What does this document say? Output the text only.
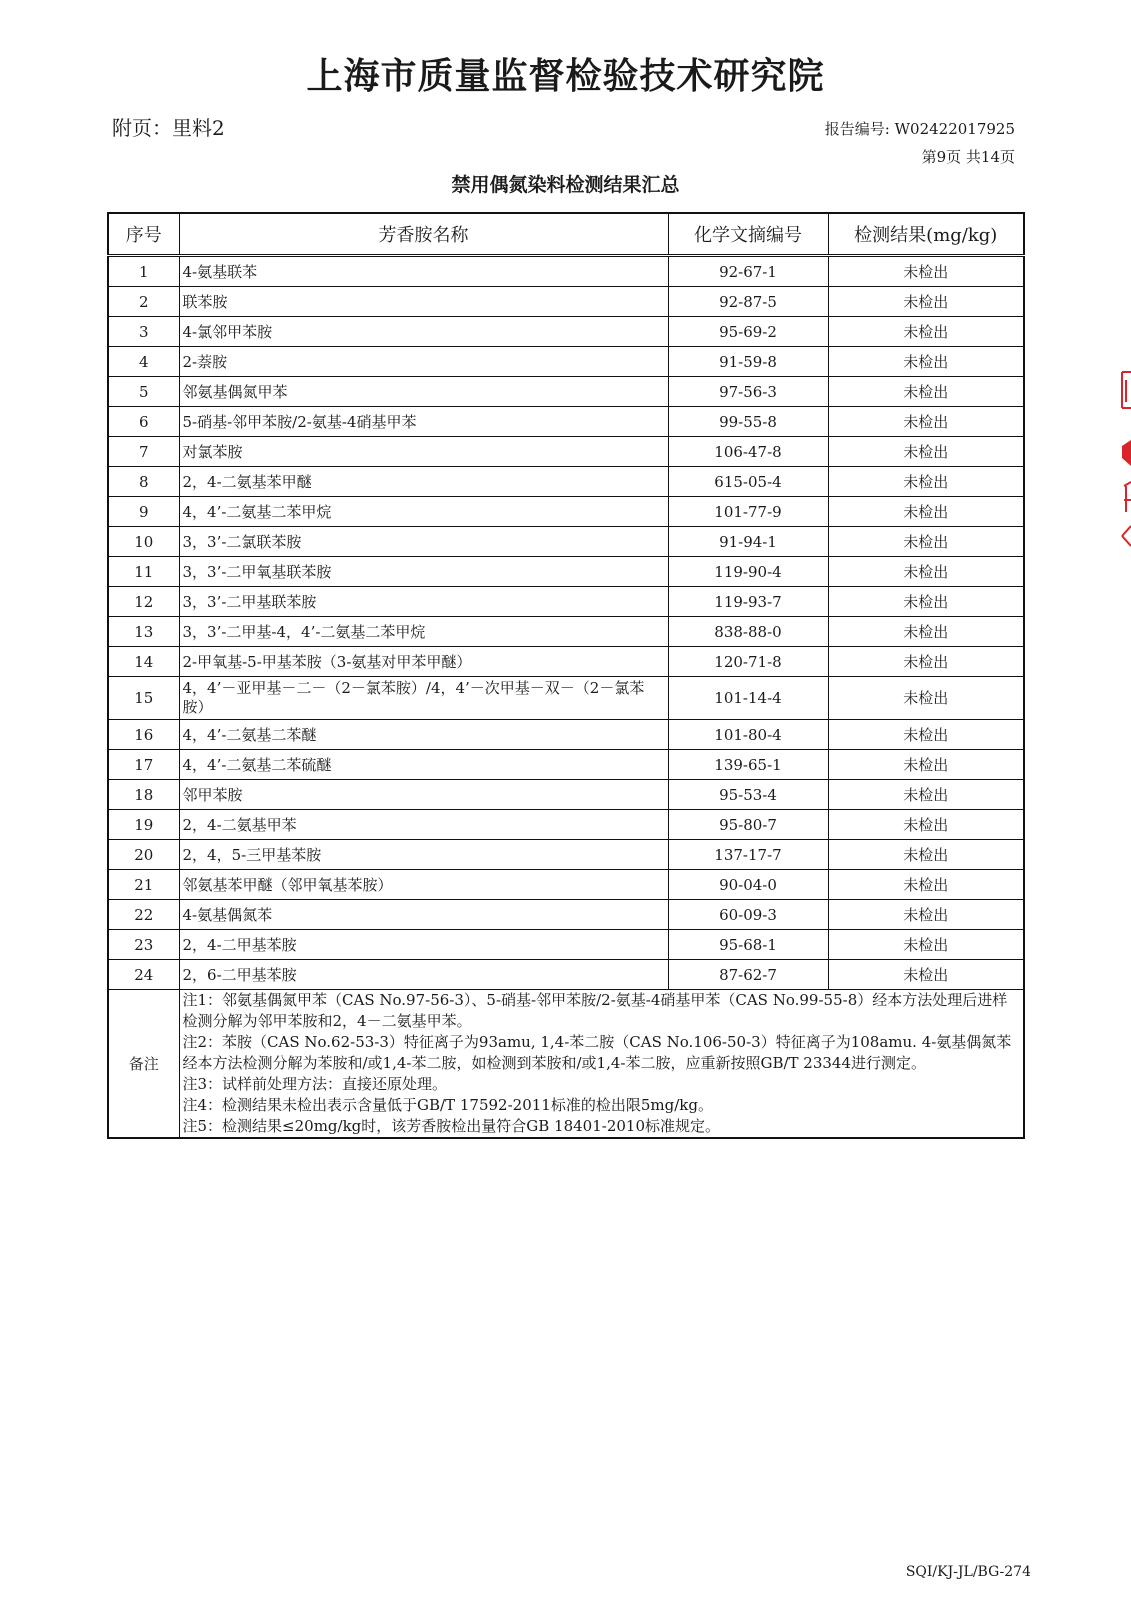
上海市质量监督检验技术研究院
附页：里料2	报告编号: W02422017925
第9页 共14页
禁用偶氮染料检测结果汇总
序号	芳香胺名称	化学文摘编号	检测结果(mg/kg)
1	4-氨基联苯	92-67-1	未检出
2	联苯胺	92-87-5	未检出
3	4-氯邻甲苯胺	95-69-2	未检出
4	2-萘胺	91-59-8	未检出
5	邻氨基偶氮甲苯	97-56-3	未检出
6	5-硝基-邻甲苯胺/2-氨基-4硝基甲苯	99-55-8	未检出
7	对氯苯胺	106-47-8	未检出
8	2，4-二氨基苯甲醚	615-05-4	未检出
9	4，4’-二氨基二苯甲烷	101-77-9	未检出
10	3，3’-二氯联苯胺	91-94-1	未检出
11	3，3’-二甲氧基联苯胺	119-90-4	未检出
12	3，3’-二甲基联苯胺	119-93-7	未检出
13	3，3’-二甲基-4，4’-二氨基二苯甲烷	838-88-0	未检出
14	2-甲氧基-5-甲基苯胺（3-氨基对甲苯甲醚）	120-71-8	未检出
15	4，4’－亚甲基－二－（2－氯苯胺）/4，4’－次甲基－双－（2－氯苯胺）	101-14-4	未检出
16	4，4’-二氨基二苯醚	101-80-4	未检出
17	4，4’-二氨基二苯硫醚	139-65-1	未检出
18	邻甲苯胺	95-53-4	未检出
19	2，4-二氨基甲苯	95-80-7	未检出
20	2，4，5-三甲基苯胺	137-17-7	未检出
21	邻氨基苯甲醚（邻甲氧基苯胺）	90-04-0	未检出
22	4-氨基偶氮苯	60-09-3	未检出
23	2，4-二甲基苯胺	95-68-1	未检出
24	2，6-二甲基苯胺	87-62-7	未检出
备注	注1：邻氨基偶氮甲苯（CAS No.97-56-3）、5-硝基-邻甲苯胺/2-氨基-4硝基甲苯（CAS No.99-55-8）经本方法处理后进样检测分解为邻甲苯胺和2，4－二氨基甲苯。
注2：苯胺（CAS No.62-53-3）特征离子为93amu, 1,4-苯二胺（CAS No.106-50-3）特征离子为108amu. 4-氨基偶氮苯经本方法检测分解为苯胺和/或1,4-苯二胺，如检测到苯胺和/或1,4-苯二胺，应重新按照GB/T 23344进行测定。
注3：试样前处理方法：直接还原处理。
注4：检测结果未检出表示含量低于GB/T 17592-2011标准的检出限5mg/kg。
注5：检测结果≤20mg/kg时，该芳香胺检出量符合GB 18401-2010标准规定。		
SQI/KJ-JL/BG-274
